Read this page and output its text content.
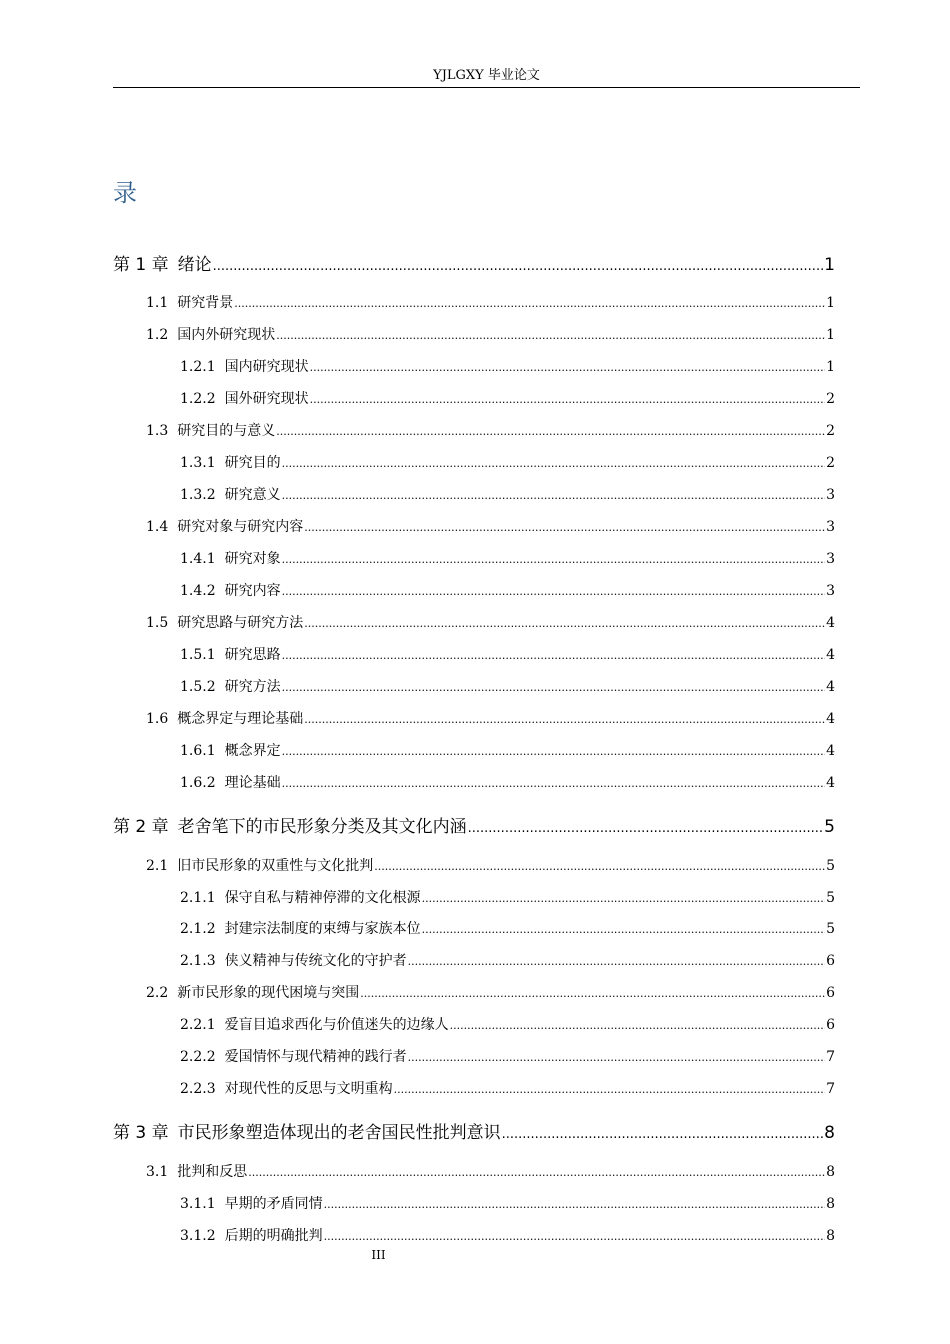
YJLGXY 毕业论文
录
第 1 章 绪论 .....	1
1.1 研究背景 .....	1
1.2 国内外研究现状 .....	1
1.2.1 国内研究现状 .....	1
1.2.2 国外研究现状 .....	2
1.3 研究目的与意义 .....	2
1.3.1 研究目的 .....	2
1.3.2 研究意义 .....	3
1.4 研究对象与研究内容 .....	3
1.4.1 研究对象 .....	3
1.4.2 研究内容 .....	3
1.5 研究思路与研究方法 .....	4
1.5.1 研究思路 .....	4
1.5.2 研究方法 .....	4
1.6 概念界定与理论基础 .....	4
1.6.1 概念界定 .....	4
1.6.2 理论基础 .....	4
第 2 章 老舍笔下的市民形象分类及其文化内涵 .....	5
2.1 旧市民形象的双重性与文化批判 .....	5
2.1.1 保守自私与精神停滞的文化根源 .....	5
2.1.2 封建宗法制度的束缚与家族本位 .....	5
2.1.3 侠义精神与传统文化的守护者 .....	6
2.2 新市民形象的现代困境与突围 .....	6
2.2.1 爱盲目追求西化与价值迷失的边缘人 .....	6
2.2.2 爱国情怀与现代精神的践行者 .....	7
2.2.3 对现代性的反思与文明重构 .....	7
第 3 章 市民形象塑造体现出的老舍国民性批判意识 .....	8
3.1 批判和反思 .....	8
3.1.1 早期的矛盾同情 .....	8
3.1.2 后期的明确批判 .....	8
III
